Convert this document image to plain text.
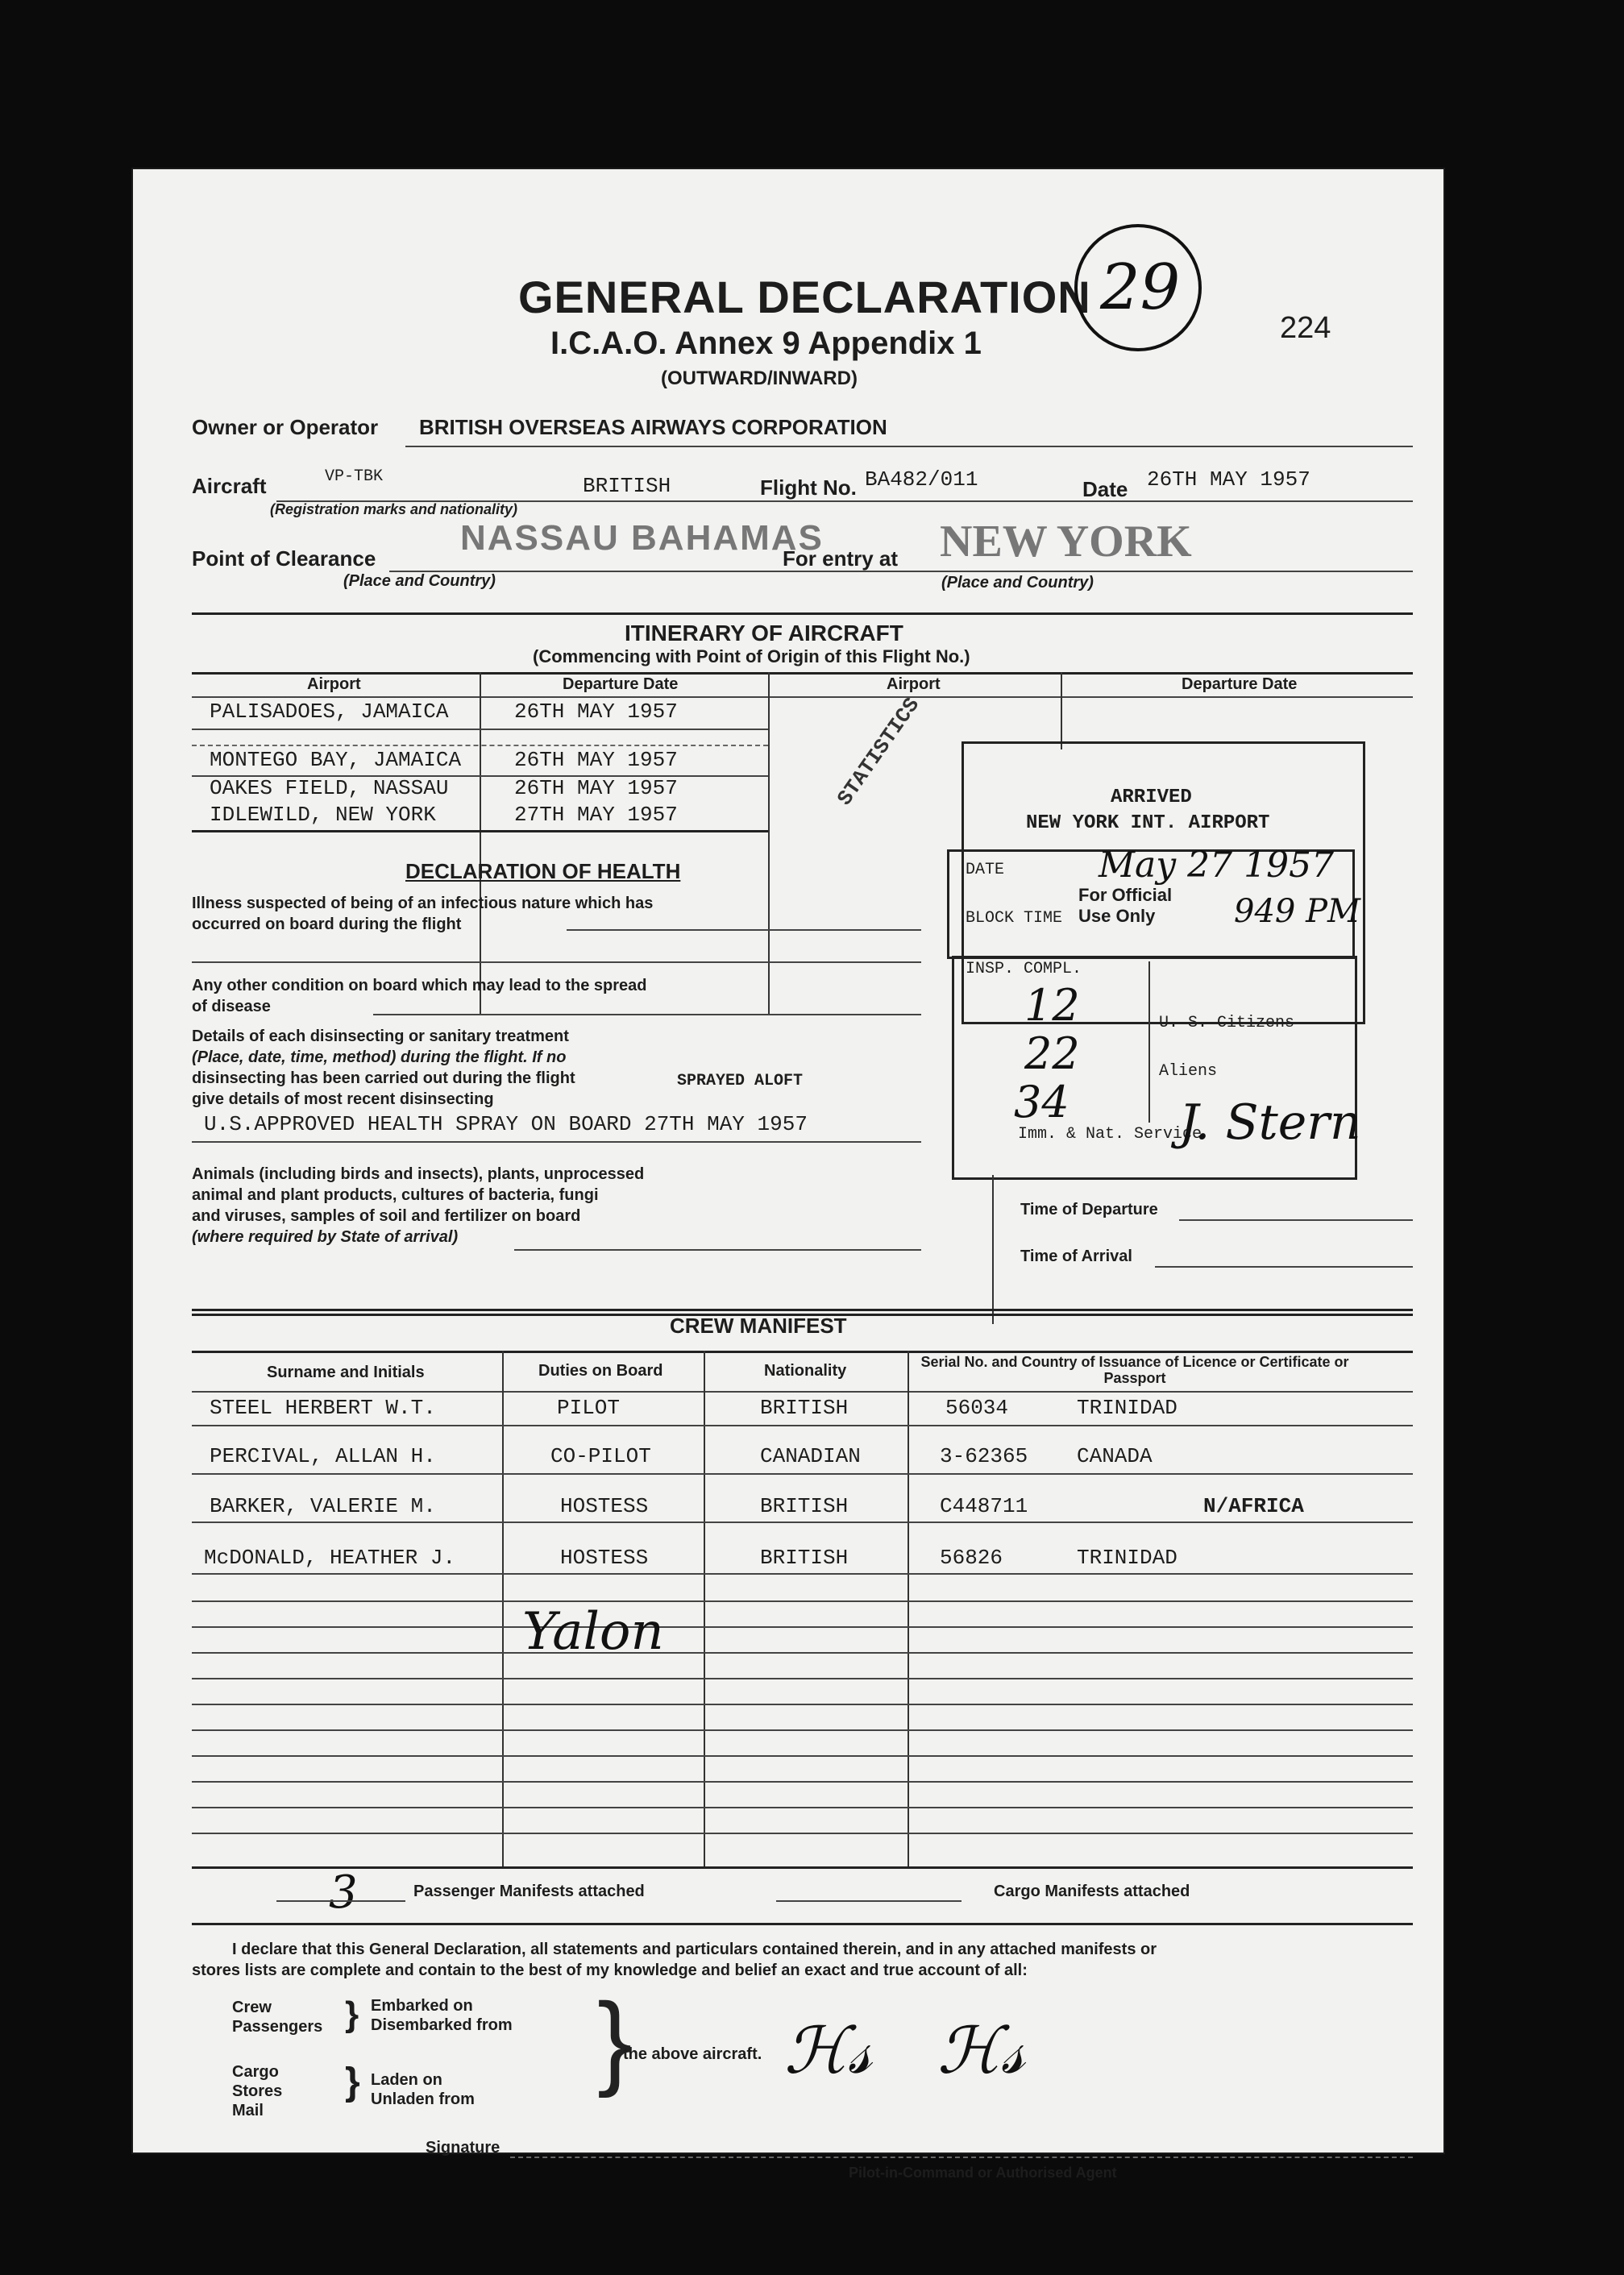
GENERAL DECLARATION
I.C.A.O. Annex 9 Appendix 1
(OUTWARD/INWARD)
29
224
Owner or Operator BRITISH OVERSEAS AIRWAYS CORPORATION
Aircraft	VP-TBK	BRITISH	Flight No. BA482/011	Date 26TH MAY 1957
(Registration marks and nationality)
Point of Clearance
NASSAU BAHAMAS
For entry at NEW YORK
(Place and Country)	(Place and Country)
ITINERARY OF AIRCRAFT
(Commencing with Point of Origin of this Flight No.)
Airport	Departure Date	Airport	Departure Date
PALISADOES, JAMAICA	26TH MAY 1957
MONTEGO BAY, JAMAICA	26TH MAY 1957
OAKES FIELD, NASSAU	26TH MAY 1957
IDLEWILD, NEW YORK	27TH MAY 1957
STATISTICS	ARRIVED
NEW YORK INT. AIRPORT
DATE	May 27 1957
BLOCK TIME
For Official Use Only	949 PM
INSP. COMPL.
12	U. S. Citizens
22	Aliens
34
Imm. & Nat. Service
J. Stern
DECLARATION OF HEALTH
Illness suspected of being of an infectious nature which has occurred on board during the flight
Any other condition on board which may lead to the spread of disease
Details of each disinsecting or sanitary treatment
(Place, date, time, method) during the flight. If no
disinsecting has been carried out during the flight	SPRAYED ALOFT
give details of most recent disinsecting
U.S.APPROVED HEALTH SPRAY ON BOARD 27TH MAY 1957
Animals (including birds and insects), plants, unprocessed
animal and plant products, cultures of bacteria, fungi
and viruses, samples of soil and fertilizer on board
(where required by State of arrival)
Time of Departure
Time of Arrival
CREW MANIFEST
Surname and Initials	Duties on Board	Nationality	Serial No. and Country of Issuance of Licence or Certificate or Passport
STEEL HERBERT W.T.	PILOT	BRITISH	56034	TRINIDAD
PERCIVAL, ALLAN H.	CO-PILOT	CANADIAN	3-62365 CANADA
BARKER, VALERIE M.	HOSTESS	BRITISH	C448711	N/AFRICA
McDONALD, HEATHER J.	HOSTESS	BRITISH	56826	TRINIDAD
Yalon
3	Passenger Manifests attached	Cargo Manifests attached
I declare that this General Declaration, all statements and particulars contained therein, and in any attached manifests or
stores lists are complete and contain to the best of my knowledge and belief an exact and true account of all:
Crew
Passengers } Embarked on
Disembarked from
Cargo
Stores
Mail
} Laden on
Unladen from
}
the above aircraft. ℋ𝓈 ℋ𝓈
Signature
Pilot-in-Command or Authorised Agent
